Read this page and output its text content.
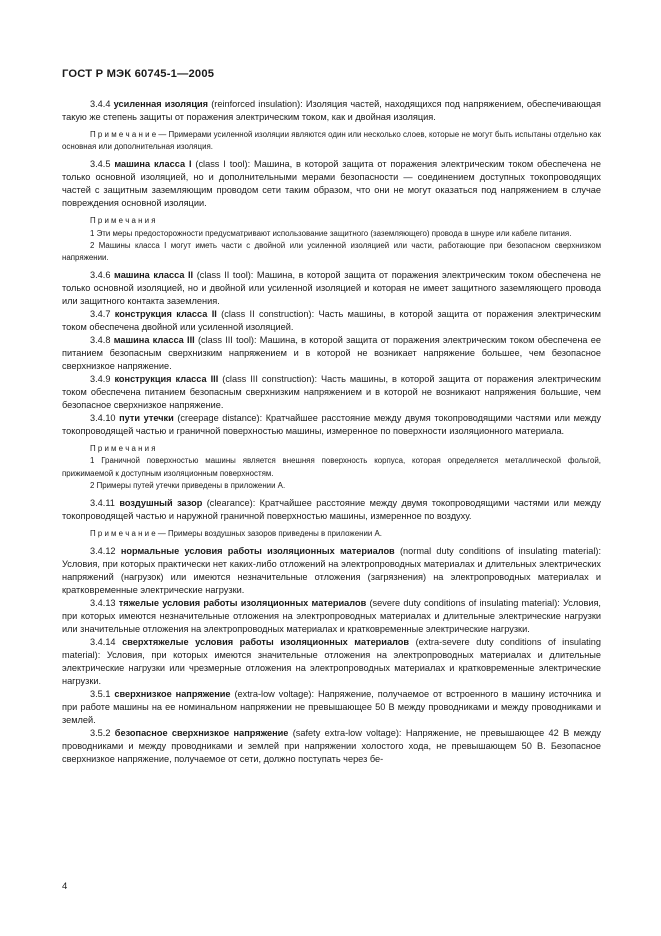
ГОСТ Р МЭК 60745-1—2005

3.4.4 усиленная изоляция (reinforced insulation): Изоляция частей, находящихся под напряжением, обеспечивающая такую же степень защиты от поражения электрическим током, как и двойная изоляция.

П р и м е ч а н и е — Примерами усиленной изоляции являются один или несколько слоев, которые не могут быть испытаны отдельно как основная или дополнительная изоляция.

3.4.5 машина класса I (class I tool): Машина, в которой защита от поражения электрическим током обеспечена не только основной изоляцией, но и дополнительными мерами безопасности — соединением доступных токопроводящих частей с защитным заземляющим проводом сети таким образом, что они не могут оказаться под напряжением в случае повреждения основной изоляции.

П р и м е ч а н и я

1 Эти меры предосторожности предусматривают использование защитного (заземляющего) провода в шнуре или кабеле питания.

2 Машины класса I могут иметь части с двойной или усиленной изоляцией или части, работающие при безопасном сверхнизком напряжении.

3.4.6 машина класса II (class II tool): Машина, в которой защита от поражения электрическим током обеспечена не только основной изоляцией, но и двойной или усиленной изоляцией и которая не имеет защитного заземляющего провода или защитного контакта заземления.

3.4.7 конструкция класса II (class II construction): Часть машины, в которой защита от поражения электрическим током обеспечена двойной или усиленной изоляцией.

3.4.8 машина класса III (class III tool): Машина, в которой защита от поражения электрическим током обеспечена ее питанием безопасным сверхнизким напряжением и в которой не возникает напряжение большее, чем безопасное сверхнизкое напряжение.

3.4.9 конструкция класса III (class III construction): Часть машины, в которой защита от поражения электрическим током обеспечена питанием безопасным сверхнизким напряжением и в которой не возникают напряжения большие, чем безопасное сверхнизкое напряжение.

3.4.10 пути утечки (creepage distance): Кратчайшее расстояние между двумя токопроводящими частями или между токопроводящей частью и граничной поверхностью машины, измеренное по поверхности изоляционного материала.

П р и м е ч а н и я

1 Граничной поверхностью машины является внешняя поверхность корпуса, которая определяется металлической фольгой, прижимаемой к доступным изоляционным поверхностям.

2 Примеры путей утечки приведены в приложении А.

3.4.11 воздушный зазор (clearance): Кратчайшее расстояние между двумя токопроводящими частями или между токопроводящей частью и наружной граничной поверхностью машины, измеренное по воздуху.

П р и м е ч а н и е — Примеры воздушных зазоров приведены в приложении А.

3.4.12 нормальные условия работы изоляционных материалов (normal duty conditions of insulating material): Условия, при которых практически нет каких-либо отложений на электропроводных материалах и длительных электрических напряжений (нагрузок) или имеются незначительные отложения (загрязнения) на электропроводных материалах и кратковременные электрические нагрузки.

3.4.13 тяжелые условия работы изоляционных материалов (severe duty conditions of insulating material): Условия, при которых имеются незначительные отложения на электропроводных материалах и длительные электрические нагрузки или значительные отложения на электропроводных материалах и кратковременные электрические нагрузки.

3.4.14 сверхтяжелые условия работы изоляционных материалов (extra-severe duty conditions of insulating material): Условия, при которых имеются значительные отложения на электропроводных материалах и длительные электрические нагрузки или чрезмерные отложения на электропроводных материалах и кратковременные электрические нагрузки.

3.5.1 сверхнизкое напряжение (extra-low voltage): Напряжение, получаемое от встроенного в машину источника и при работе машины на ее номинальном напряжении не превышающее 50 В между проводниками и между проводниками и землей.

3.5.2 безопасное сверхнизкое напряжение (safety extra-low voltage): Напряжение, не превышающее 42 В между проводниками и между проводниками и землей при напряжении холостого хода, не превышающем 50 В. Безопасное сверхнизкое напряжение, получаемое от сети, должно поступать через бе-

4
